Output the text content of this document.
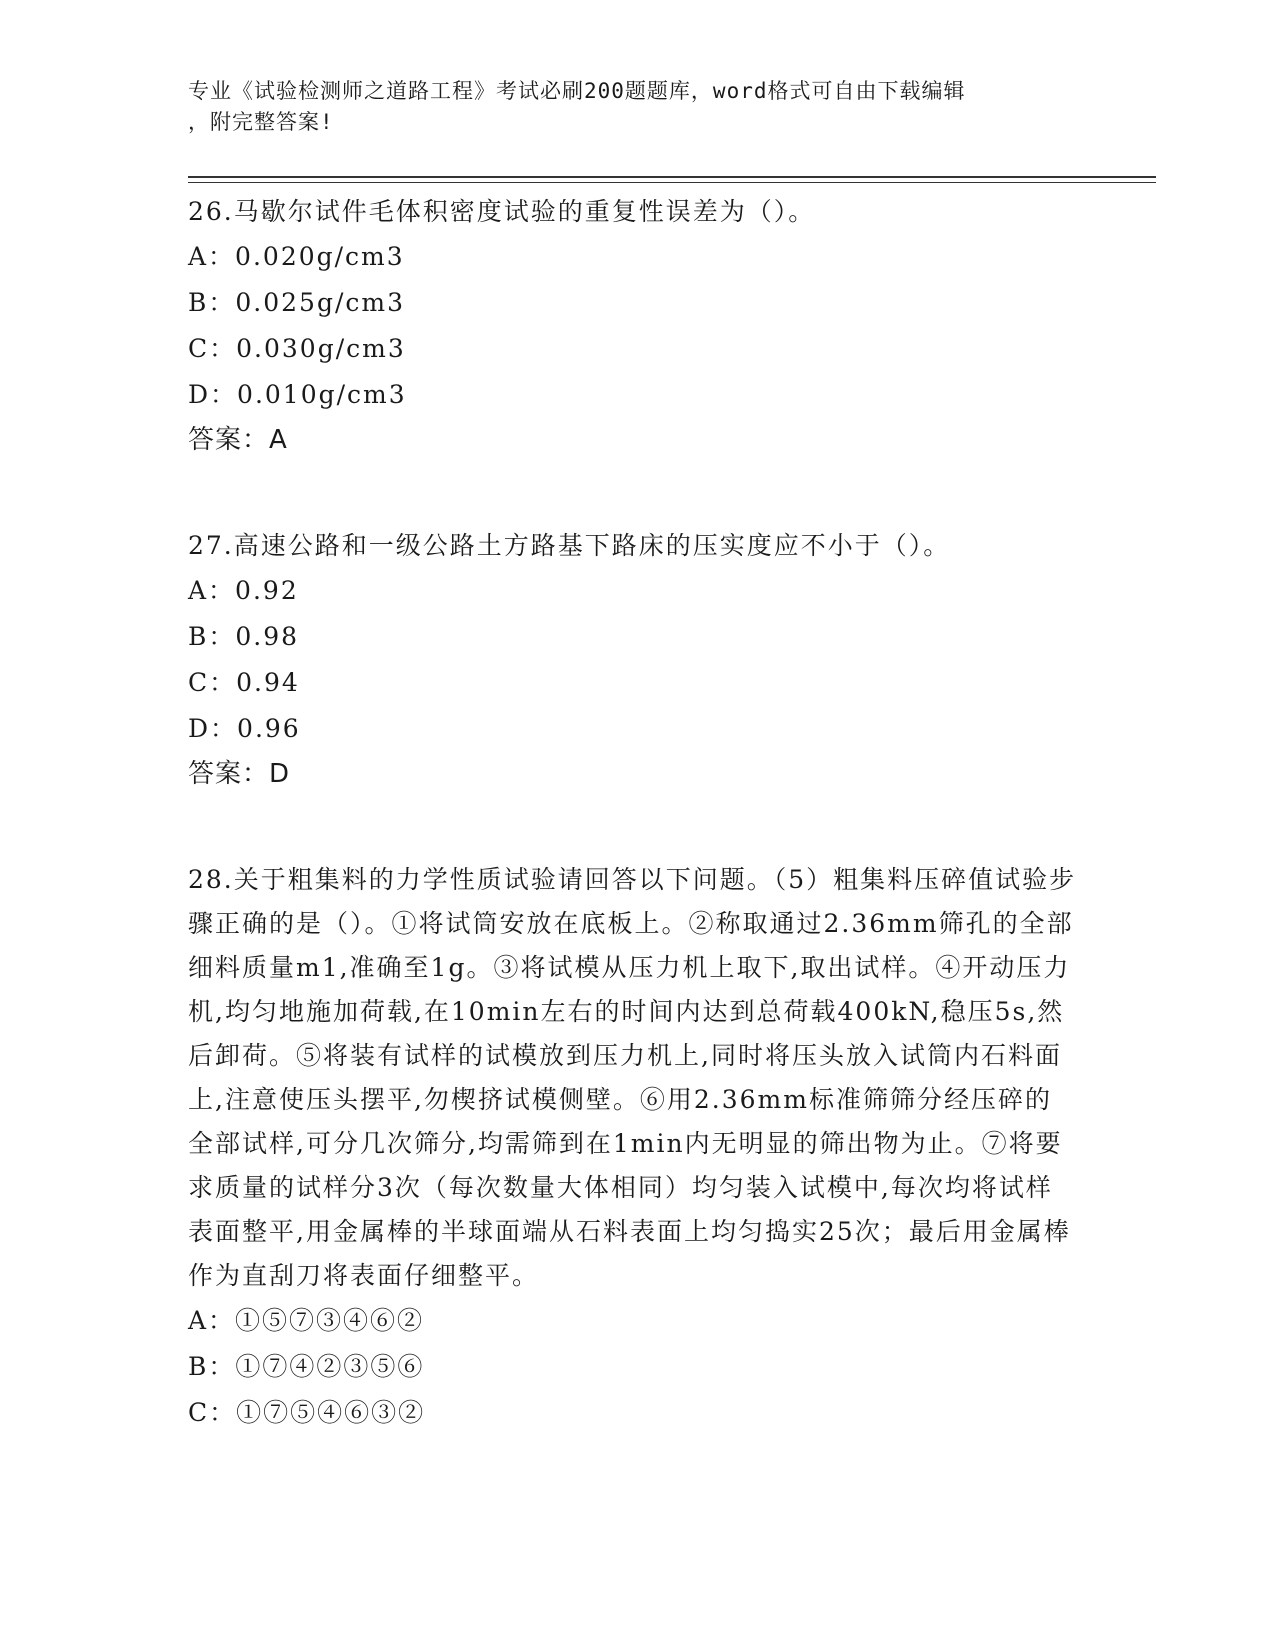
专业《试验检测师之道路工程》考试必刷200题题库，word格式可自由下载编辑
，附完整答案!
26.马歇尔试件毛体积密度试验的重复性误差为（）。
A：0.020g/cm3
B：0.025g/cm3
C：0.030g/cm3
D：0.010g/cm3
答案：A
27.高速公路和一级公路土方路基下路床的压实度应不小于（）。
A：0.92
B：0.98
C：0.94
D：0.96
答案：D
28.关于粗集料的力学性质试验请回答以下问题。（5）粗集料压碎值试验步骤正确的是（）。①将试筒安放在底板上。②称取通过2.36mm筛孔的全部细料质量m1,准确至1g。③将试模从压力机上取下,取出试样。④开动压力机,均匀地施加荷载,在10min左右的时间内达到总荷载400kN,稳压5s,然后卸荷。⑤将装有试样的试模放到压力机上,同时将压头放入试筒内石料面上,注意使压头摆平,勿楔挤试模侧壁。⑥用2.36mm标准筛筛分经压碎的全部试样,可分几次筛分,均需筛到在1min内无明显的筛出物为止。⑦将要求质量的试样分3次（每次数量大体相同）均匀装入试模中,每次均将试样表面整平,用金属棒的半球面端从石料表面上均匀捣实25次；最后用金属棒作为直刮刀将表面仔细整平。
A：①⑤⑦③④⑥②
B：①⑦④②③⑤⑥
C：①⑦⑤④⑥③②
